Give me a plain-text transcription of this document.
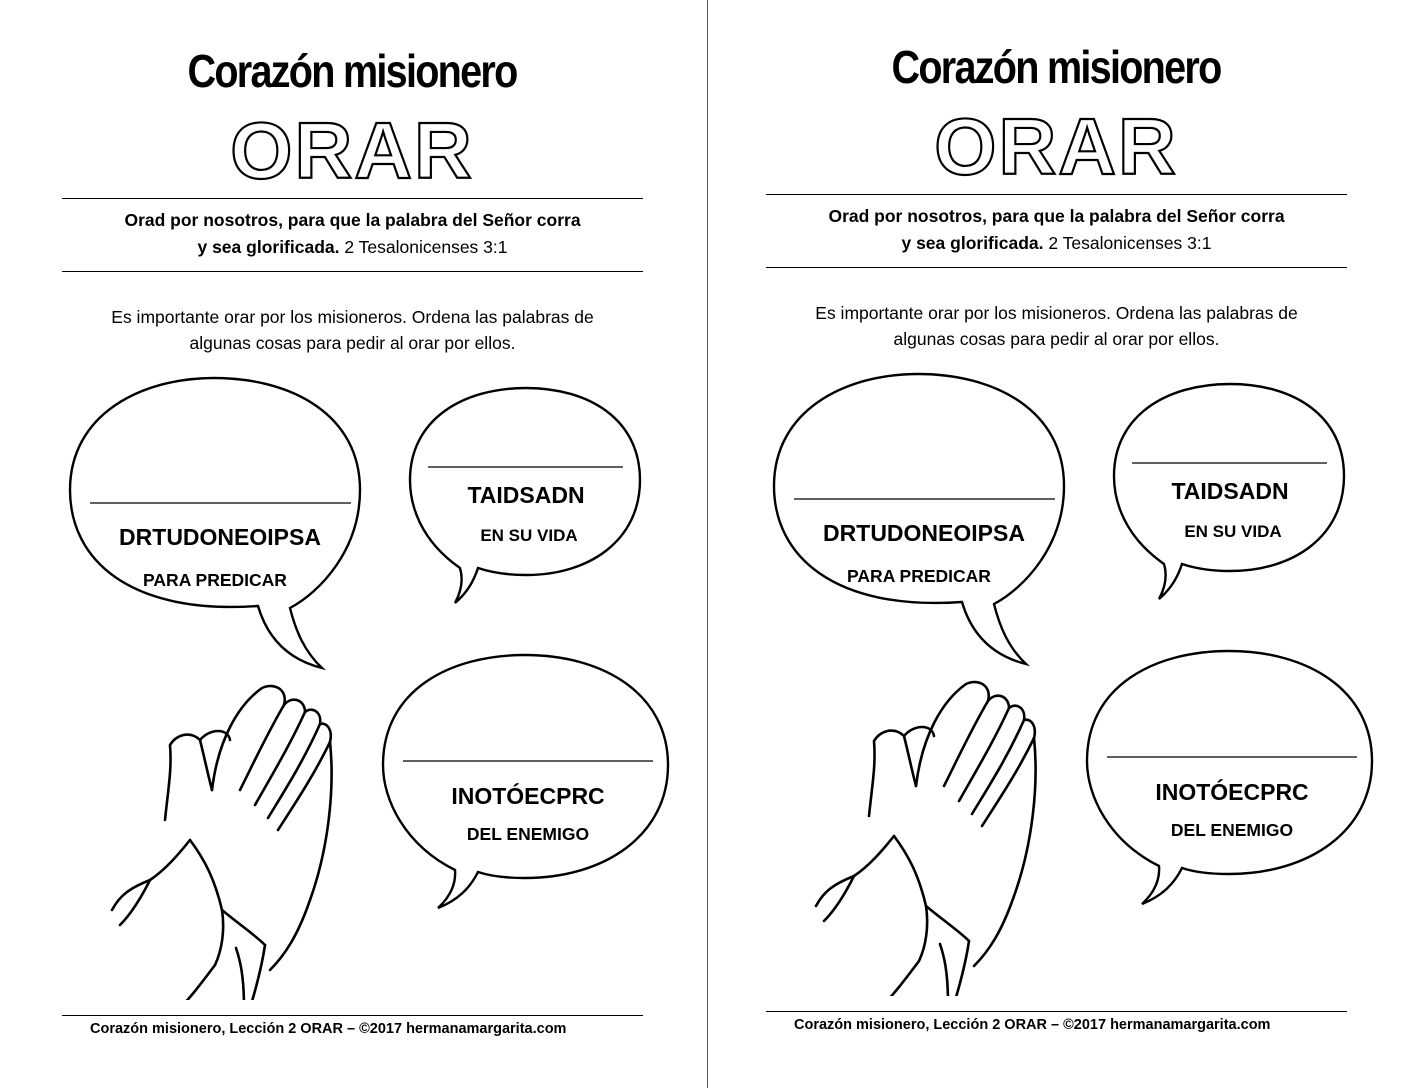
Corazón misionero
ORAR
Orad por nosotros, para que la palabra del Señor corra
y sea glorificada. 2 Tesalonicenses 3:1
Es importante orar por los misioneros. Ordena las palabras de
algunas cosas para pedir al orar por ellos.
DRTUDONEOIPSA
PARA PREDICAR
TAIDSADN
EN SU VIDA
INOTÓECPRC
DEL ENEMIGO
Corazón misionero, Lección 2 ORAR – ©2017 hermanamargarita.com
Corazón misionero
ORAR
Orad por nosotros, para que la palabra del Señor corra
y sea glorificada. 2 Tesalonicenses 3:1
Es importante orar por los misioneros. Ordena las palabras de
algunas cosas para pedir al orar por ellos.
DRTUDONEOIPSA
PARA PREDICAR
TAIDSADN
EN SU VIDA
INOTÓECPRC
DEL ENEMIGO
Corazón misionero, Lección 2 ORAR – ©2017 hermanamargarita.com
